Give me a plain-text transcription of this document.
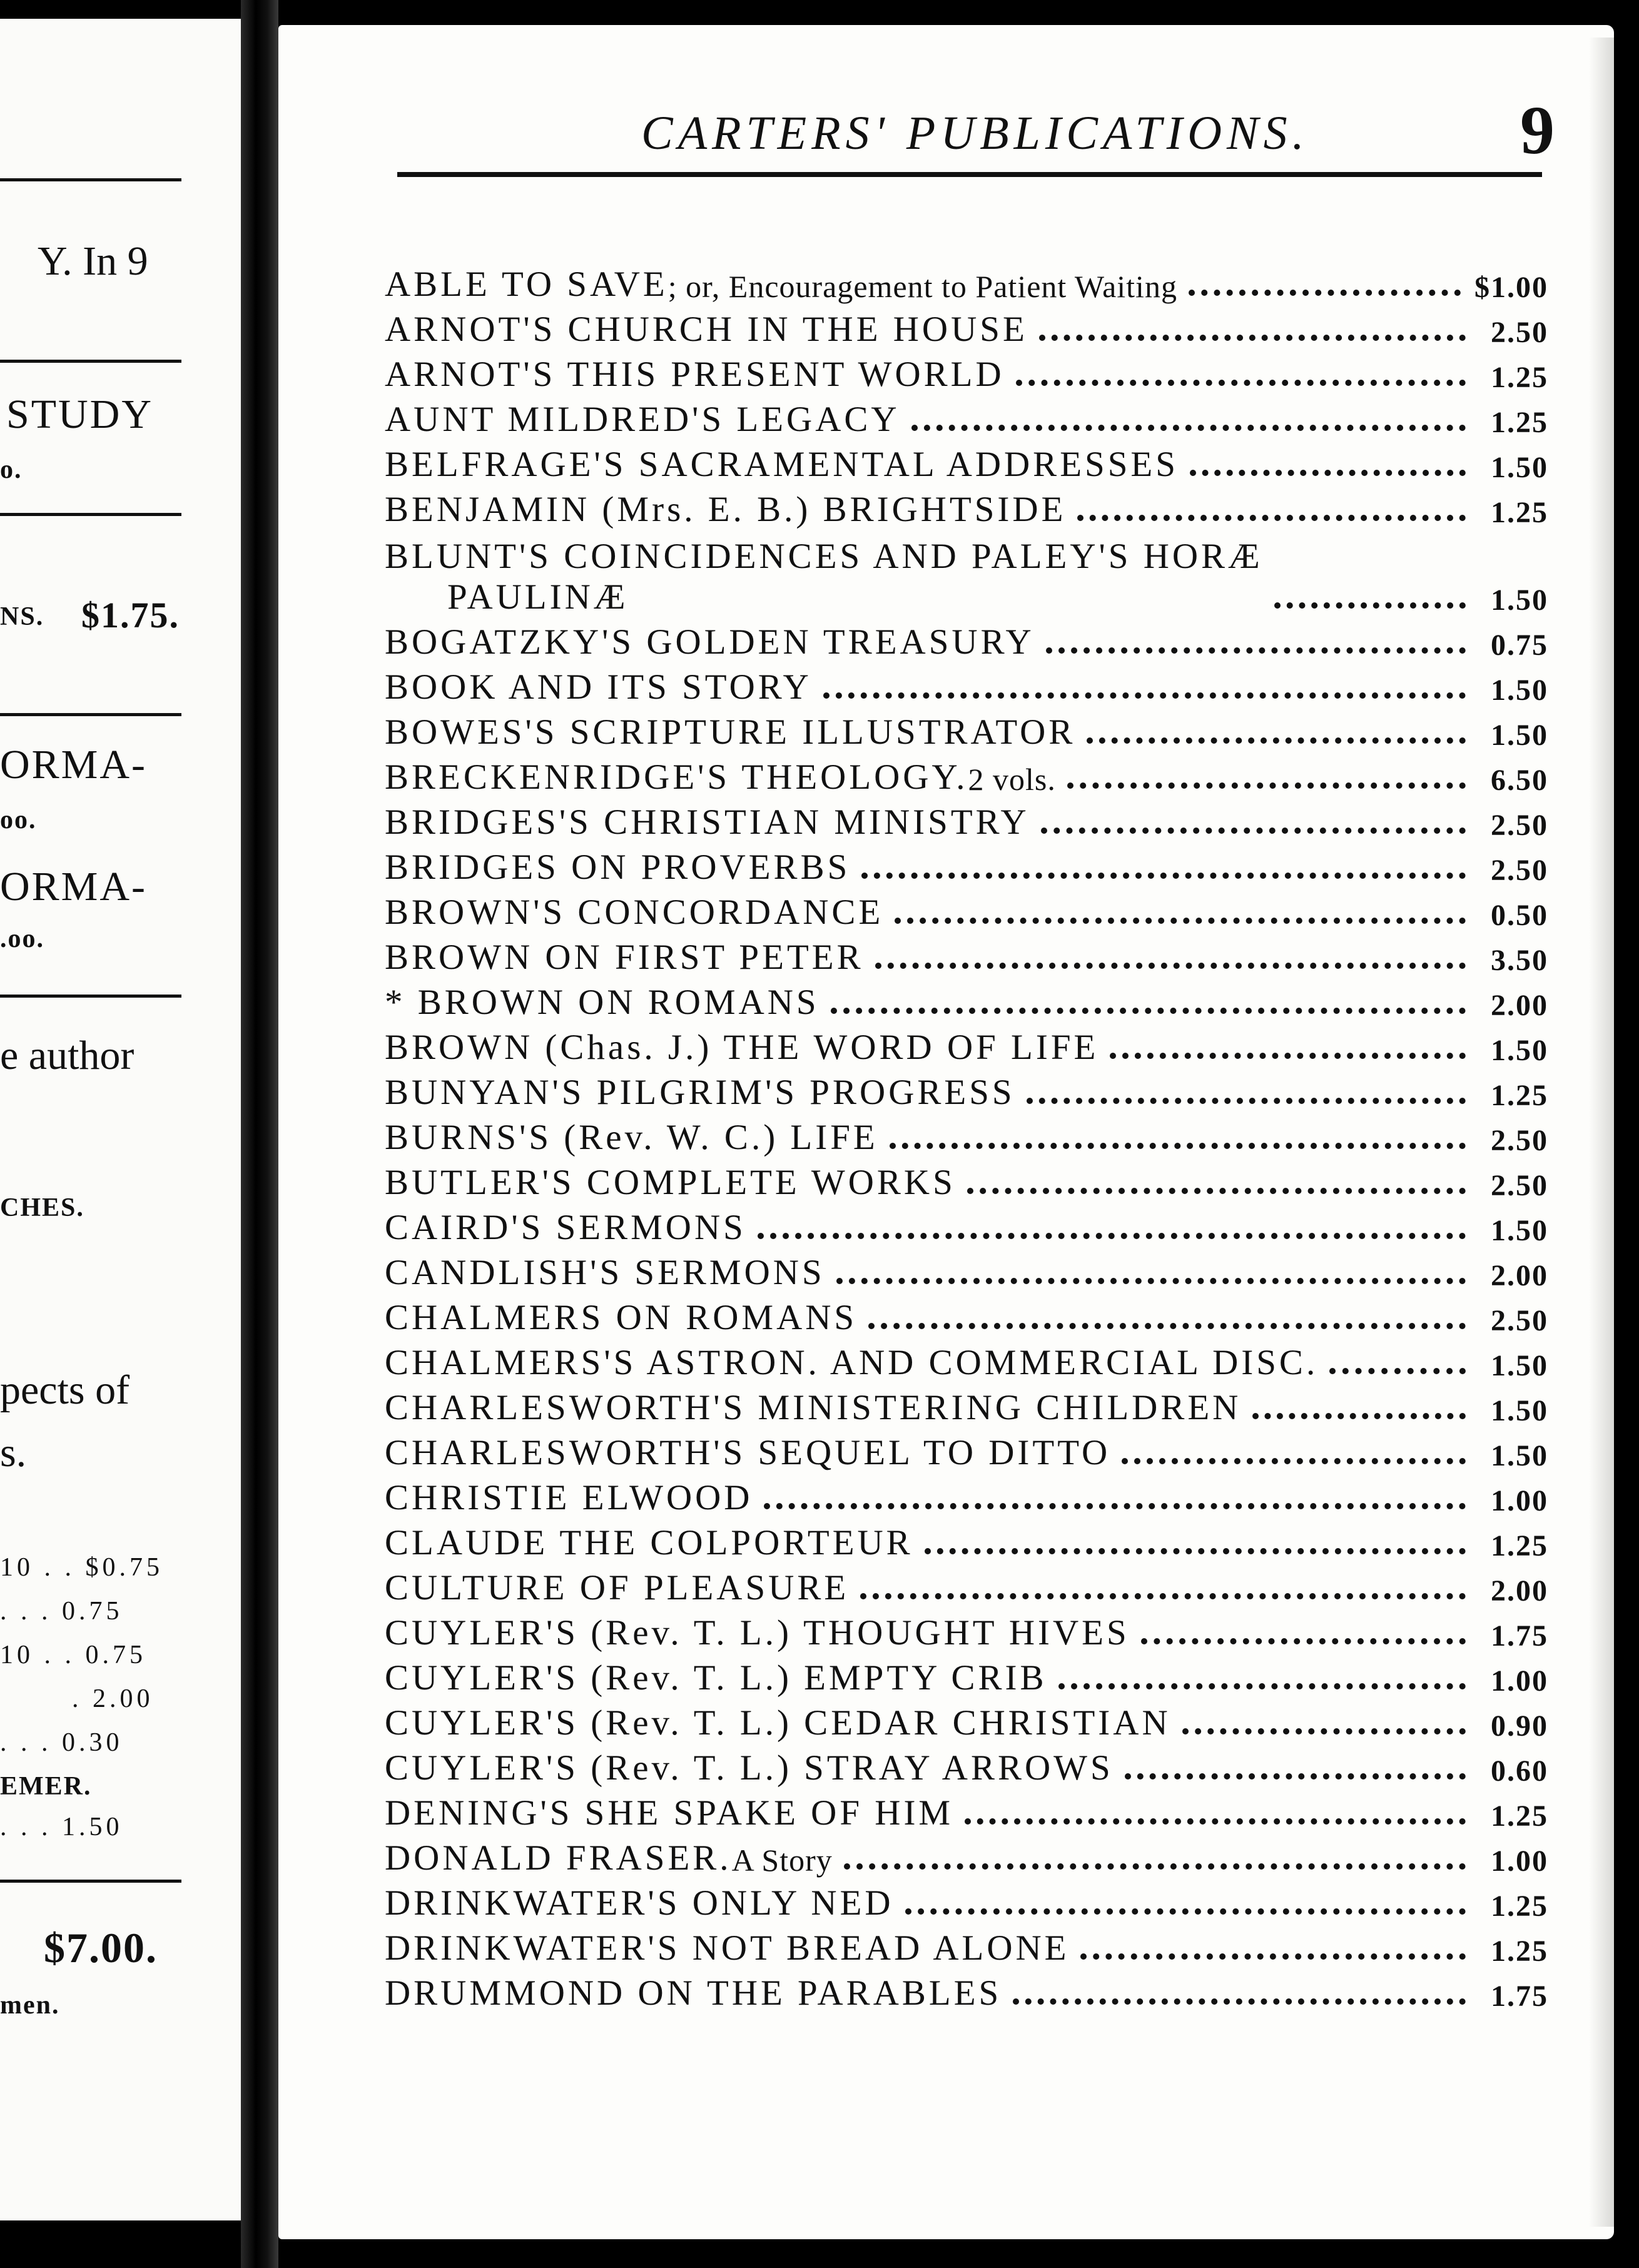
Y. In 9
STUDY
o.
NS. $1.75.
ORMA-
oo.
ORMA-
.oo.
e author
CHES.
pects of
s.
10 . . $0.75
. . . 0.75
10 . . 0.75
. 2.00
. . . 0.30
EMER.
. . . 1.50
$7.00.
men.
CARTERS' PUBLICATIONS.	9
ABLE TO SAVE ; or, Encouragement to Patient Waiting	$1.00
ARNOT'S CHURCH IN THE HOUSE	2.50
ARNOT'S THIS PRESENT WORLD	1.25
AUNT MILDRED'S LEGACY	1.25
BELFRAGE'S SACRAMENTAL ADDRESSES	1.50
BENJAMIN (Mrs. E. B.) BRIGHTSIDE	1.25
BLUNT'S COINCIDENCES AND PALEY'S HORÆ
PAULINÆ	1.50
BOGATZKY'S GOLDEN TREASURY	0.75
BOOK AND ITS STORY	1.50
BOWES'S SCRIPTURE ILLUSTRATOR	1.50
BRECKENRIDGE'S THEOLOGY. 2 vols.	6.50
BRIDGES'S CHRISTIAN MINISTRY	2.50
BRIDGES ON PROVERBS	2.50
BROWN'S CONCORDANCE	0.50
BROWN ON FIRST PETER	3.50
* BROWN ON ROMANS	2.00
BROWN (Chas. J.) THE WORD OF LIFE	1.50
BUNYAN'S PILGRIM'S PROGRESS	1.25
BURNS'S (Rev. W. C.) LIFE	2.50
BUTLER'S COMPLETE WORKS	2.50
CAIRD'S SERMONS	1.50
CANDLISH'S SERMONS	2.00
CHALMERS ON ROMANS	2.50
CHALMERS'S ASTRON. AND COMMERCIAL DISC.	1.50
CHARLESWORTH'S MINISTERING CHILDREN	1.50
CHARLESWORTH'S SEQUEL TO DITTO	1.50
CHRISTIE ELWOOD	1.00
CLAUDE THE COLPORTEUR	1.25
CULTURE OF PLEASURE	2.00
CUYLER'S (Rev. T. L.) THOUGHT HIVES	1.75
CUYLER'S (Rev. T. L.) EMPTY CRIB	1.00
CUYLER'S (Rev. T. L.) CEDAR CHRISTIAN	0.90
CUYLER'S (Rev. T. L.) STRAY ARROWS	0.60
DENING'S SHE SPAKE OF HIM	1.25
DONALD FRASER. A Story	1.00
DRINKWATER'S ONLY NED	1.25
DRINKWATER'S NOT BREAD ALONE	1.25
DRUMMOND ON THE PARABLES	1.75
